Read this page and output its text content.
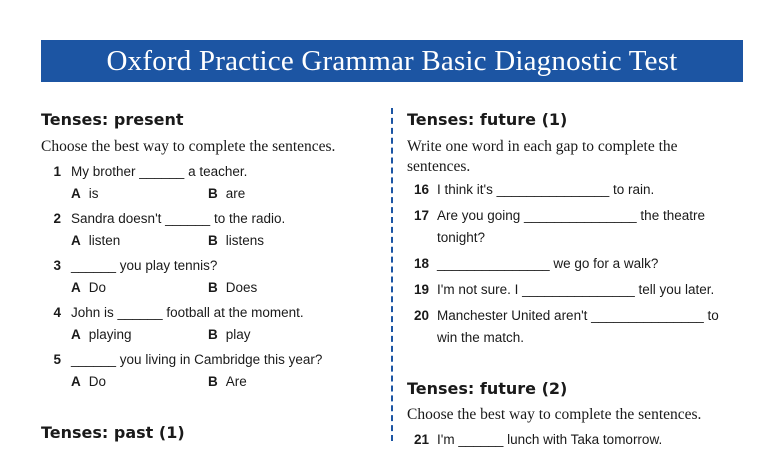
Oxford Practice Grammar Basic Diagnostic Test
Tenses: present
Choose the best way to complete the sentences.
1 My brother ______ a teacher.
A is	B are
2 Sandra doesn't ______ to the radio.
A listen	B listens
3 ______ you play tennis?
A Do	B Does
4 John is ______ football at the moment.
A playing	B play
5 ______ you living in Cambridge this year?
A Do	B Are
Tenses: past (1)
Tenses: future (1)
Write one word in each gap to complete the sentences.
16 I think it's _______________ to rain.
17 Are you going _______________ the theatre
tonight?
18 _______________ we go for a walk?
19 I'm not sure. I _______________ tell you later.
20 Manchester United aren't _______________ to
win the match.
Tenses: future (2)
Choose the best way to complete the sentences.
21 I'm ______ lunch with Taka tomorrow.
